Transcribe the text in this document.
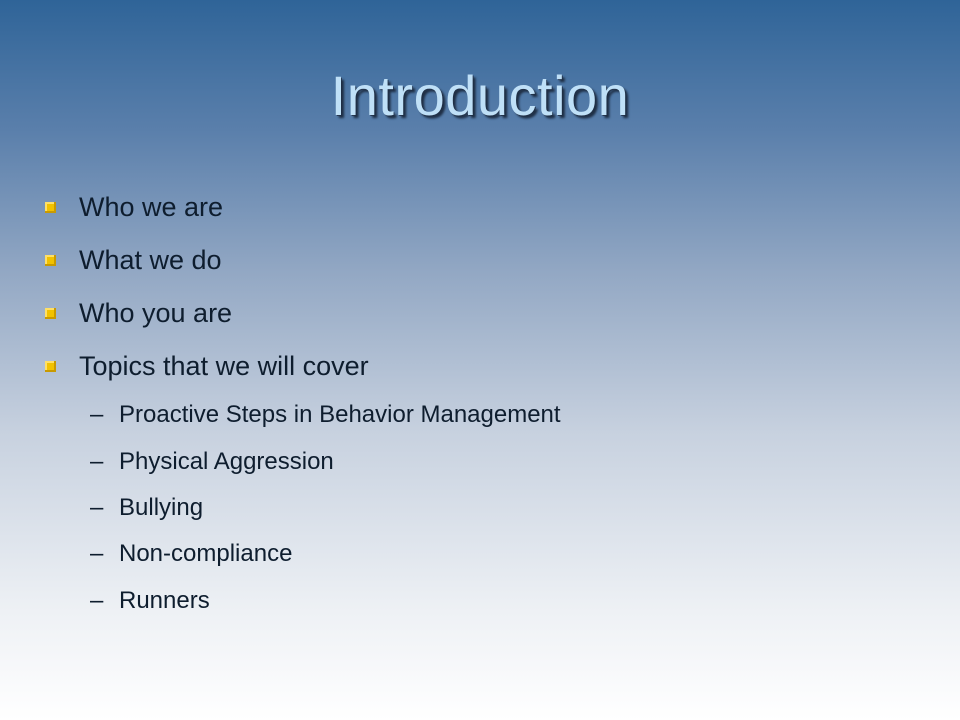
Introduction
Who we are
What we do
Who you are
Topics that we will cover
– Proactive Steps in Behavior Management
– Physical Aggression
– Bullying
– Non-compliance
– Runners
